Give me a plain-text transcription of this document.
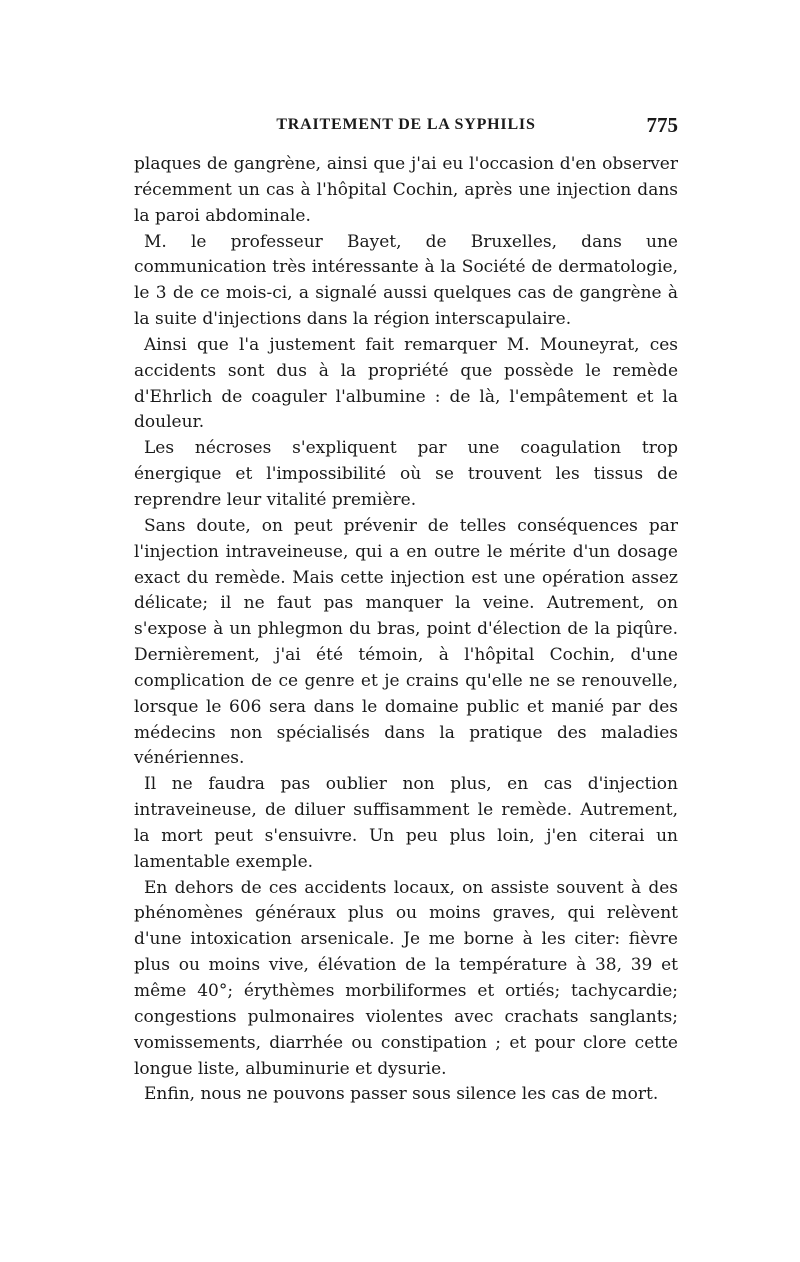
TRAITEMENT DE LA SYPHILIS	775

plaques de gangrène, ainsi que j'ai eu l'occasion d'en observer récemment un cas à l'hôpital Cochin, après une injection dans la paroi abdominale.

M. le professeur Bayet, de Bruxelles, dans une communication très intéressante à la Société de dermatologie, le 3 de ce mois-ci, a signalé aussi quelques cas de gangrène à la suite d'injections dans la région interscapulaire.

Ainsi que l'a justement fait remarquer M. Mouneyrat, ces accidents sont dus à la propriété que possède le remède d'Ehrlich de coaguler l'albumine : de là, l'empâtement et la douleur.

Les nécroses s'expliquent par une coagulation trop énergique et l'impossibilité où se trouvent les tissus de reprendre leur vitalité première.

Sans doute, on peut prévenir de telles conséquences par l'injection intraveineuse, qui a en outre le mérite d'un dosage exact du remède. Mais cette injection est une opération assez délicate; il ne faut pas manquer la veine. Autrement, on s'expose à un phlegmon du bras, point d'élection de la piqûre. Dernièrement, j'ai été témoin, à l'hôpital Cochin, d'une complication de ce genre et je crains qu'elle ne se renouvelle, lorsque le 606 sera dans le domaine public et manié par des médecins non spécialisés dans la pratique des maladies vénériennes.

Il ne faudra pas oublier non plus, en cas d'injection intraveineuse, de diluer suffisamment le remède. Autrement, la mort peut s'ensuivre. Un peu plus loin, j'en citerai un lamentable exemple.

En dehors de ces accidents locaux, on assiste souvent à des phénomènes généraux plus ou moins graves, qui relèvent d'une intoxication arsenicale. Je me borne à les citer: fièvre plus ou moins vive, élévation de la température à 38, 39 et même 40°; érythèmes morbiliformes et ortiés; tachycardie; congestions pulmonaires violentes avec crachats sanglants; vomissements, diarrhée ou constipation ; et pour clore cette longue liste, albuminurie et dysurie.

Enfin, nous ne pouvons passer sous silence les cas de mort.
